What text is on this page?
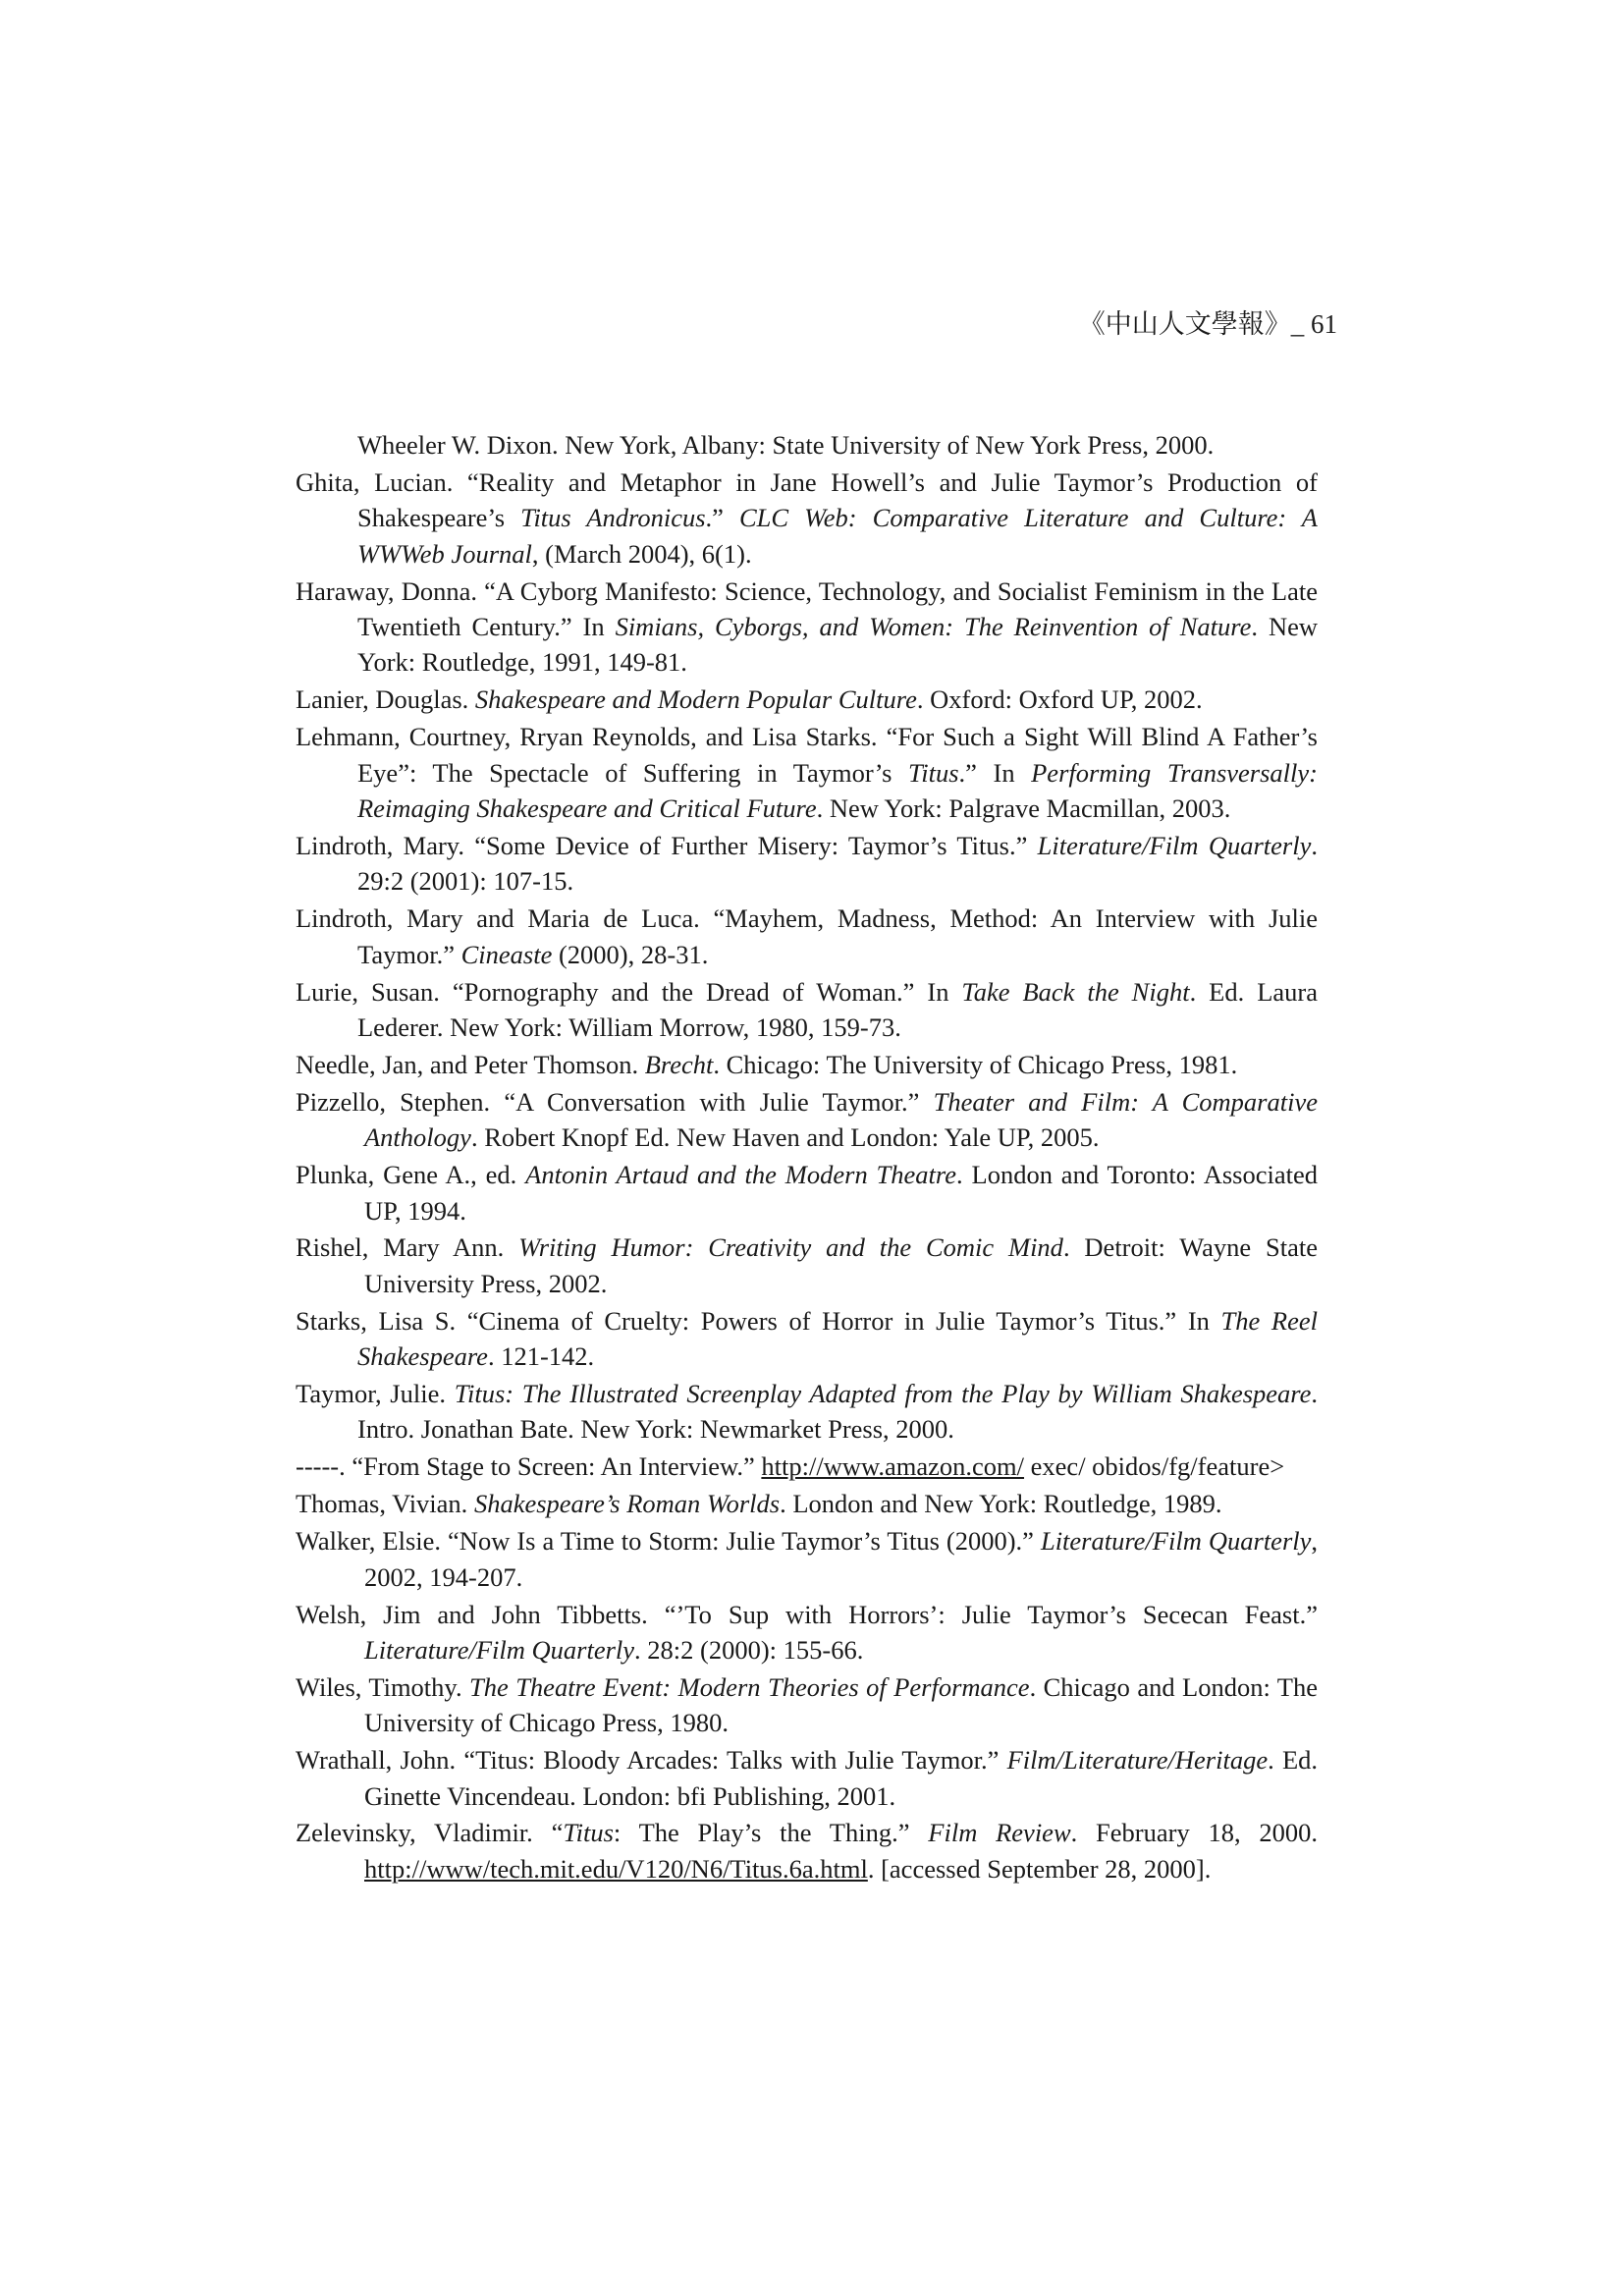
《中山人文學報》_ 61

Wheeler W. Dixon. New York, Albany: State University of New York Press, 2000.

Ghita, Lucian. “Reality and Metaphor in Jane Howell’s and Julie Taymor’s Production of Shakespeare’s Titus Andronicus.” CLC Web: Comparative Literature and Culture: A WWWeb Journal, (March 2004), 6(1).

Haraway, Donna. “A Cyborg Manifesto: Science, Technology, and Socialist Feminism in the Late Twentieth Century.” In Simians, Cyborgs, and Women: The Reinvention of Nature. New York: Routledge, 1991, 149-81.

Lanier, Douglas. Shakespeare and Modern Popular Culture. Oxford: Oxford UP, 2002.

Lehmann, Courtney, Rryan Reynolds, and Lisa Starks. “For Such a Sight Will Blind A Father’s Eye”: The Spectacle of Suffering in Taymor’s Titus.” In Performing Transversally: Reimaging Shakespeare and Critical Future. New York: Palgrave Macmillan, 2003.

Lindroth, Mary. “Some Device of Further Misery: Taymor’s Titus.” Literature/Film Quarterly. 29:2 (2001): 107-15.

Lindroth, Mary and Maria de Luca. “Mayhem, Madness, Method: An Interview with Julie Taymor.” Cineaste (2000), 28-31.

Lurie, Susan. “Pornography and the Dread of Woman.” In Take Back the Night. Ed. Laura Lederer. New York: William Morrow, 1980, 159-73.

Needle, Jan, and Peter Thomson. Brecht. Chicago: The University of Chicago Press, 1981.

Pizzello, Stephen. “A Conversation with Julie Taymor.” Theater and Film: A Comparative Anthology. Robert Knopf Ed. New Haven and London: Yale UP, 2005.

Plunka, Gene A., ed. Antonin Artaud and the Modern Theatre. London and Toronto: Associated UP, 1994.

Rishel, Mary Ann. Writing Humor: Creativity and the Comic Mind. Detroit: Wayne State University Press, 2002.

Starks, Lisa S. “Cinema of Cruelty: Powers of Horror in Julie Taymor’s Titus.” In The Reel Shakespeare. 121-142.

Taymor, Julie. Titus: The Illustrated Screenplay Adapted from the Play by William Shakespeare. Intro. Jonathan Bate. New York: Newmarket Press, 2000.

-----. “From Stage to Screen: An Interview.” http://www.amazon.com/ exec/ obidos/fg/feature>

Thomas, Vivian. Shakespeare’s Roman Worlds. London and New York: Routledge, 1989.

Walker, Elsie. “Now Is a Time to Storm: Julie Taymor’s Titus (2000).” Literature/Film Quarterly, 2002, 194-207.

Welsh, Jim and John Tibbetts. “’To Sup with Horrors’: Julie Taymor’s Sececan Feast.” Literature/Film Quarterly. 28:2 (2000): 155-66.

Wiles, Timothy. The Theatre Event: Modern Theories of Performance. Chicago and London: The University of Chicago Press, 1980.

Wrathall, John. “Titus: Bloody Arcades: Talks with Julie Taymor.” Film/Literature/Heritage. Ed. Ginette Vincendeau. London: bfi Publishing, 2001.

Zelevinsky, Vladimir. “Titus: The Play’s the Thing.” Film Review. February 18, 2000. http://www/tech.mit.edu/V120/N6/Titus.6a.html. [accessed September 28, 2000].
